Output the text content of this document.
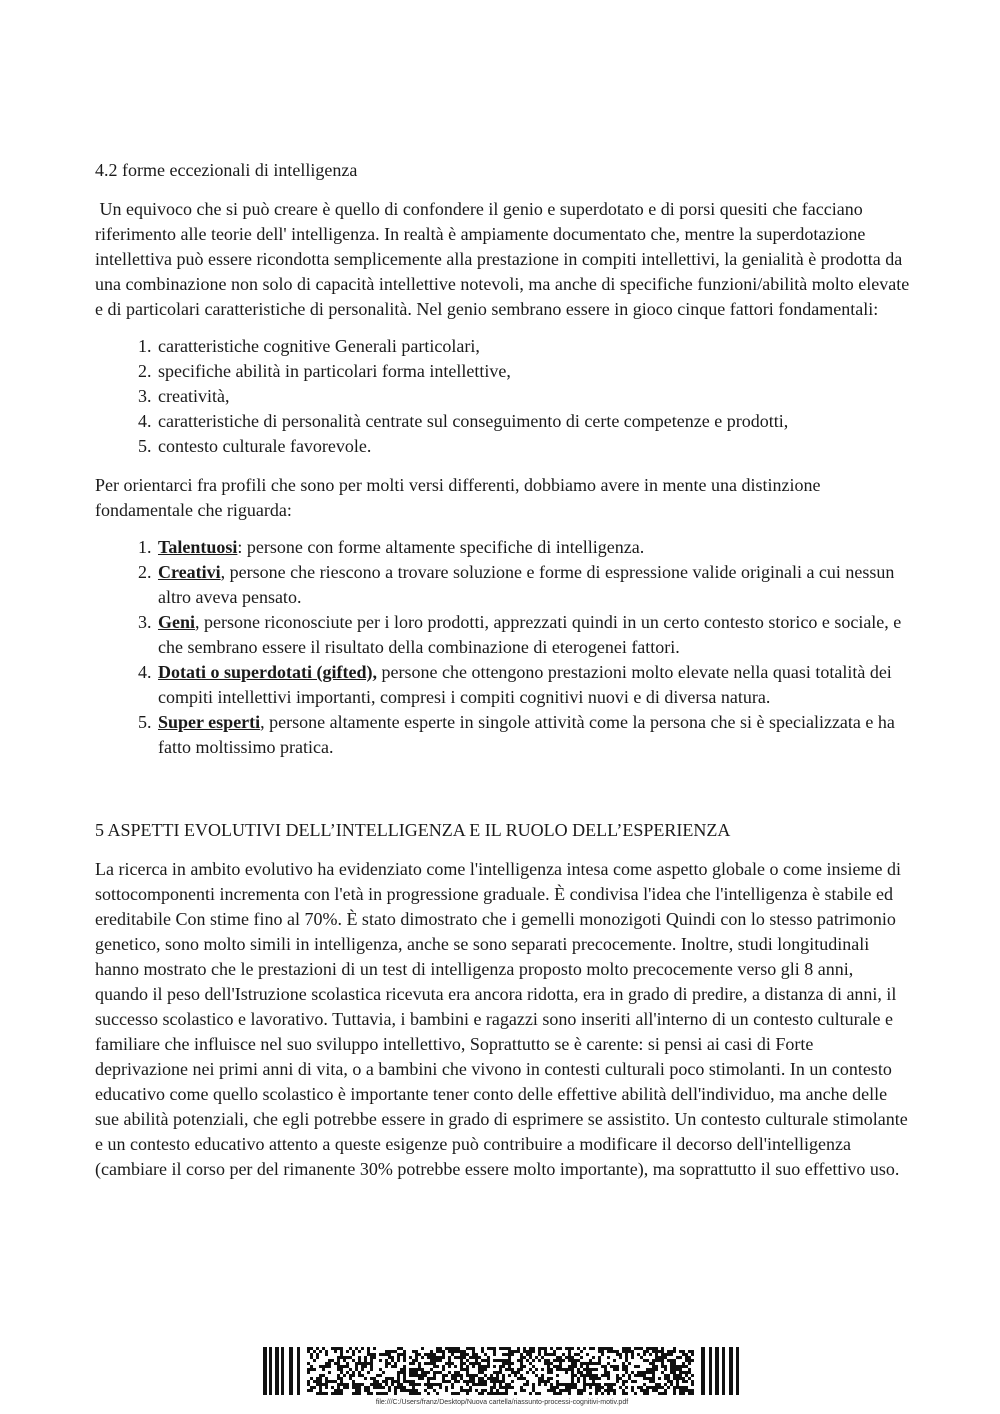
4.2 forme eccezionali di intelligenza

Un equivoco che si può creare è quello di confondere il genio e superdotato e di porsi quesiti che facciano riferimento alle teorie dell' intelligenza. In realtà è ampiamente documentato che, mentre la superdotazione intellettiva può essere ricondotta semplicemente alla prestazione in compiti intellettivi, la genialità è prodotta da una combinazione non solo di capacità intellettive notevoli, ma anche di specifiche funzioni/abilità molto elevate e di particolari caratteristiche di personalità. Nel genio sembrano essere in gioco cinque fattori fondamentali:

1. caratteristiche cognitive Generali particolari,
2. specifiche abilità in particolari forma intellettive,
3. creatività,
4. caratteristiche di personalità centrate sul conseguimento di certe competenze e prodotti,
5. contesto culturale favorevole.

Per orientarci fra profili che sono per molti versi differenti, dobbiamo avere in mente una distinzione fondamentale che riguarda:

1. Talentuosi: persone con forme altamente specifiche di intelligenza.
2. Creativi, persone che riescono a trovare soluzione e forme di espressione valide originali a cui nessun altro aveva pensato.
3. Geni, persone riconosciute per i loro prodotti, apprezzati quindi in un certo contesto storico e sociale, e che sembrano essere il risultato della combinazione di eterogenei fattori.
4. Dotati o superdotati (gifted), persone che ottengono prestazioni molto elevate nella quasi totalità dei compiti intellettivi importanti, compresi i compiti cognitivi nuovi e di diversa natura.
5. Super esperti, persone altamente esperte in singole attività come la persona che si è specializzata e ha fatto moltissimo pratica.

5 ASPETTI EVOLUTIVI DELL’INTELLIGENZA E IL RUOLO DELL’ESPERIENZA

La ricerca in ambito evolutivo ha evidenziato come l'intelligenza intesa come aspetto globale o come insieme di sottocomponenti incrementa con l'età in progressione graduale. È condivisa l'idea che l'intelligenza è stabile ed ereditabile Con stime fino al 70%. È stato dimostrato che i gemelli monozigoti Quindi con lo stesso patrimonio genetico, sono molto simili in intelligenza, anche se sono separati precocemente. Inoltre, studi longitudinali hanno mostrato che le prestazioni di un test di intelligenza proposto molto precocemente verso gli 8 anni, quando il peso dell'Istruzione scolastica ricevuta era ancora ridotta, era in grado di predire, a distanza di anni, il successo scolastico e lavorativo. Tuttavia, i bambini e ragazzi sono inseriti all'interno di un contesto culturale e familiare che influisce nel suo sviluppo intellettivo, Soprattutto se è carente: si pensi ai casi di Forte deprivazione nei primi anni di vita, o a bambini che vivono in contesti culturali poco stimolanti. In un contesto educativo come quello scolastico è importante tener conto delle effettive abilità dell'individuo, ma anche delle sue abilità potenziali, che egli potrebbe essere in grado di esprimere se assistito. Un contesto culturale stimolante e un contesto educativo attento a queste esigenze può contribuire a modificare il decorso dell'intelligenza (cambiare il corso per del rimanente 30% potrebbe essere molto importante), ma soprattutto il suo effettivo uso.

file:///C:/Users/franz/Desktop/Nuova cartella/riassunto-processi-cognitivi-motiv.pdf
